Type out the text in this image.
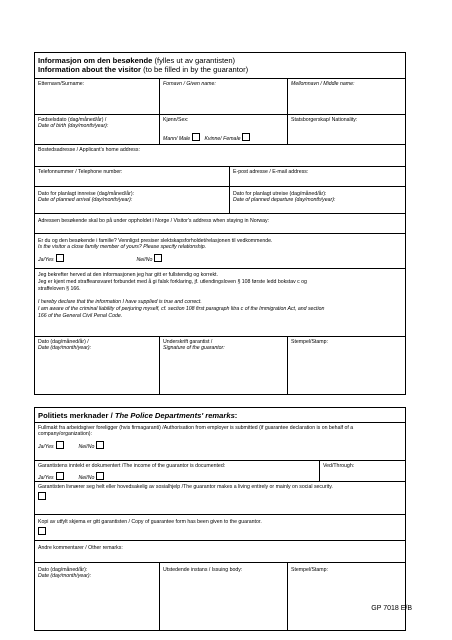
Informasjon om den besøkende (fylles ut av garantisten)
Information about the visitor (to be filled in by the guarantor)
Etternavn/Surname:	Fornavn / Given name:	Mellomnavn / Middle name:
Fødselsdato (dag/måned/år) /
Date of birth (day/month/year):
Kjønn/Sex:
Mann/ Male	Kvinne/ Female
Statsborgerskap/ Nationality:
Bostedsadresse / Applicant's home address:
Telefonnummer / Telephone number:	E-post adresse / E-mail address:
Dato for planlagt innreise (dag/måned/år):
Date of planned arrival (day/month/year):
Dato for planlagt utreise (dag/måned/år):
Date of planned departure (day/month/year):
Adressen besøkende skal bo på under oppholdet i Norge / Visitor's address when staying in Norway:
Er du og den besøkende i familie? Vennligst presiser slektskapsforholdet/relasjonen til vedkommende.
Is the visitor a close family member of yours? Please specify relationship.
Ja/Yes	Nei/No
Jeg bekrefter herved at den informasjonen jeg har gitt er fullstendig og korrekt.
Jeg er kjent med straffeansvaret forbundet med å gi falsk forklaring, jf. utlendingsloven § 108 første ledd bokstav c og
straffeloven § 166.
I hereby declare that the information I have supplied is true and correct.
I am aware of the criminal liability of perjuring myself, cf. section 108 first paragraph litra c of the Immigration Act, and section
166 of the General Civil Penal Code.
Dato (dag/måned/år) /
Date (day/month/year):
Underskrift garantist /
Signature of the guarantor:
Stempel/Stamp:
Politiets merknader / The Police Departments' remarks:
Fullmakt fra arbeidsgiver foreligger (hvis firmagaranti) /Authorisation from employer is submitted (if guarantee declaration is on behalf of a company/organization):
Ja/Yes	Nei/No
Garantistens inntekt er dokumentert /The income of the guarantor is documented:
Ja/Yes	Nei/No
Ved/Through:
Garantisten livnærer seg helt eller hovedsakelig av sosialhjelp /The guarantor makes a living entirely or mainly on social security.
Kopi av utfylt skjema er gitt garantisten / Copy of guarantee form has been given to the guarantor.
Andre kommentarer / Other remarks:
Dato (dag/måned/år):
Date (day/month/year):
Utstedende instans / Issuing body:	Stempel/Stamp:
GP 7018 E/B
